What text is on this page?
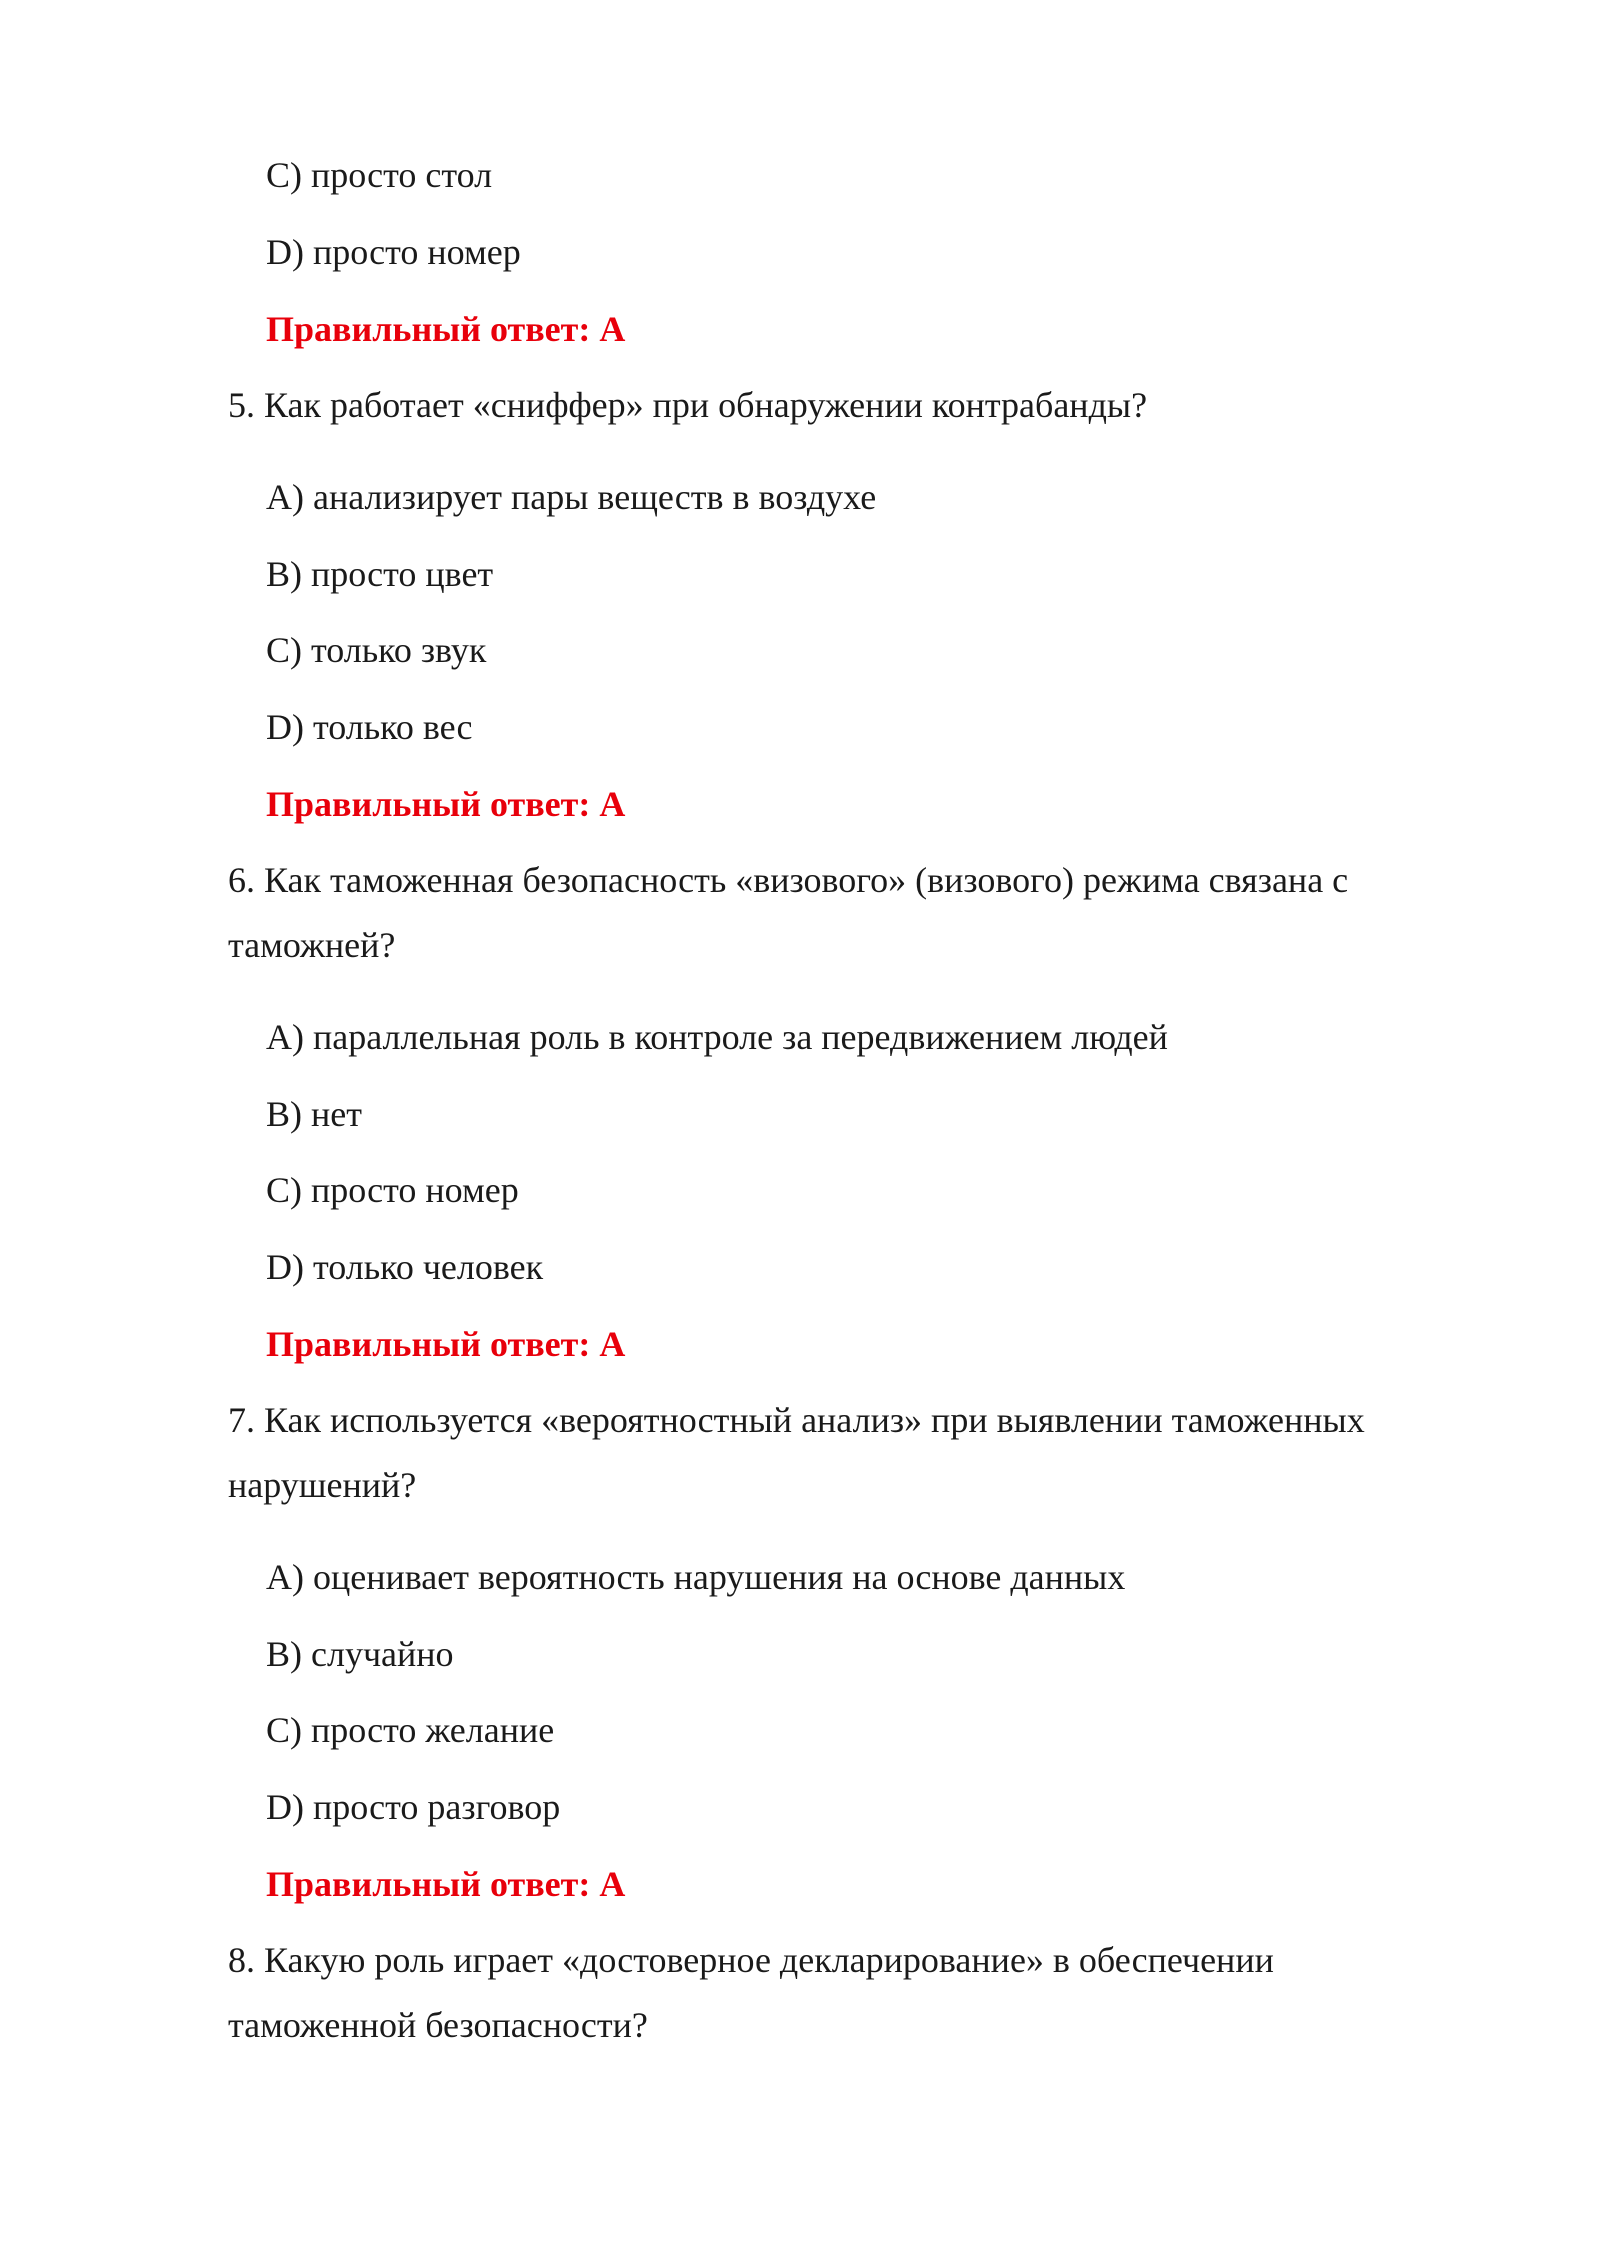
C) просто стол
D) просто номер
Правильный ответ: A
5. Как работает «сниффер» при обнаружении контрабанды?
A) анализирует пары веществ в воздухе
B) просто цвет
C) только звук
D) только вес
Правильный ответ: A
6. Как таможенная безопасность «визового» (визового) режима связана с
таможней?
A) параллельная роль в контроле за передвижением людей
B) нет
C) просто номер
D) только человек
Правильный ответ: A
7. Как используется «вероятностный анализ» при выявлении таможенных
нарушений?
A) оценивает вероятность нарушения на основе данных
B) случайно
C) просто желание
D) просто разговор
Правильный ответ: A
8. Какую роль играет «достоверное декларирование» в обеспечении
таможенной безопасности?
